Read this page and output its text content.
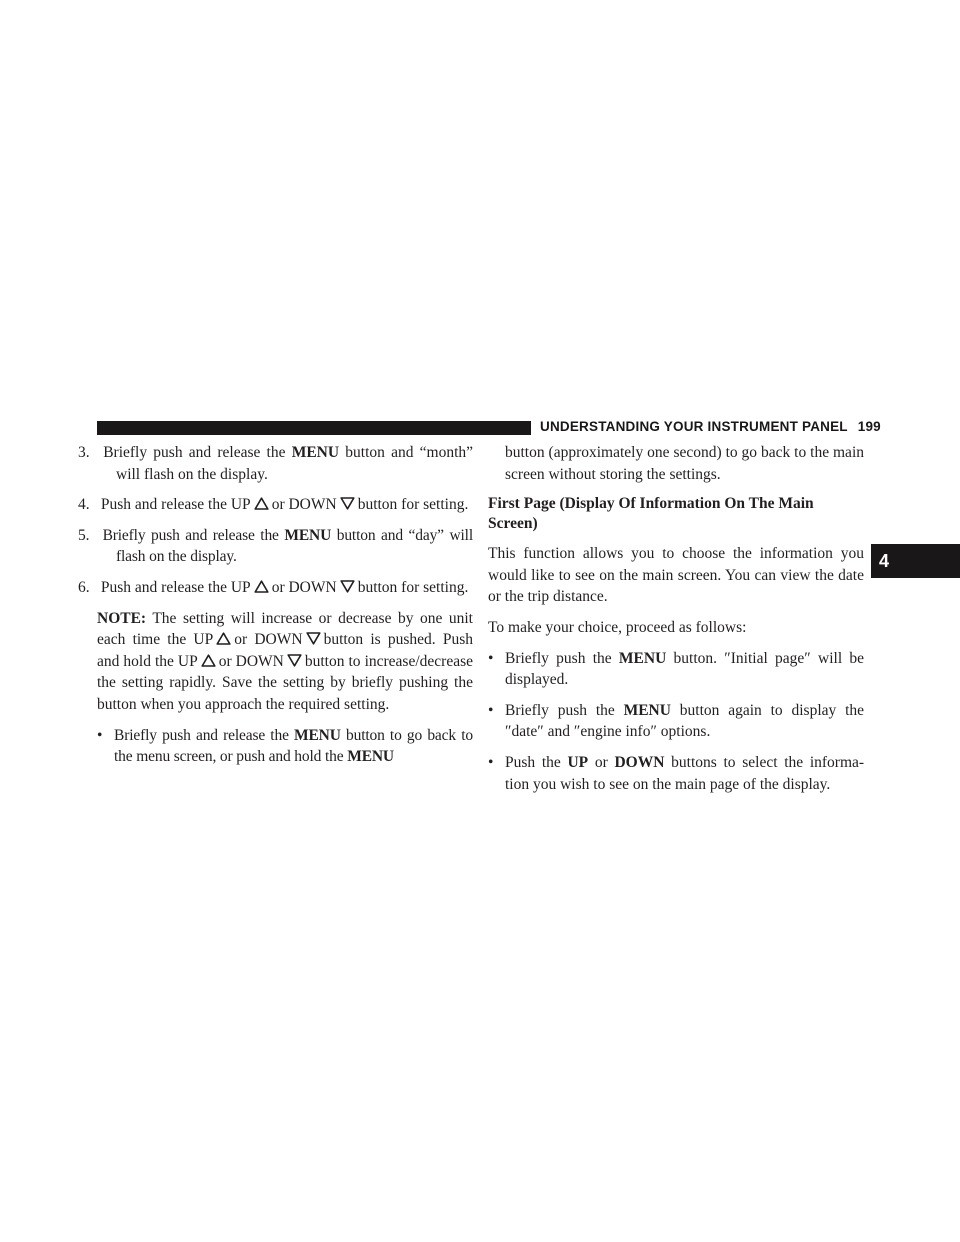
UNDERSTANDING YOUR INSTRUMENT PANEL 199
4

3. Briefly push and release the MENU button and “month” will flash on the display.

4. Push and release the UP or DOWN button for setting.

5. Briefly push and release the MENU button and “day” will flash on the display.

6. Push and release the UP or DOWN button for setting.

NOTE: The setting will increase or decrease by one unit each time the UP or DOWN button is pushed. Push and hold the UP or DOWN button to increase/decrease the setting rapidly. Save the setting by briefly pushing the button when you approach the required setting.

• Briefly push and release the MENU button to go back to the menu screen, or push and hold the MENU

button (approximately one second) to go back to the main screen without storing the settings.

First Page (Display Of Information On The Main Screen)

This function allows you to choose the information you would like to see on the main screen. You can view the date or the trip distance.

To make your choice, proceed as follows:

• Briefly push the MENU button. ″Initial page″ will be displayed.

• Briefly push the MENU button again to display the ″date″ and ″engine info″ options.

• Push the UP or DOWN buttons to select the informa- tion you wish to see on the main page of the display.
